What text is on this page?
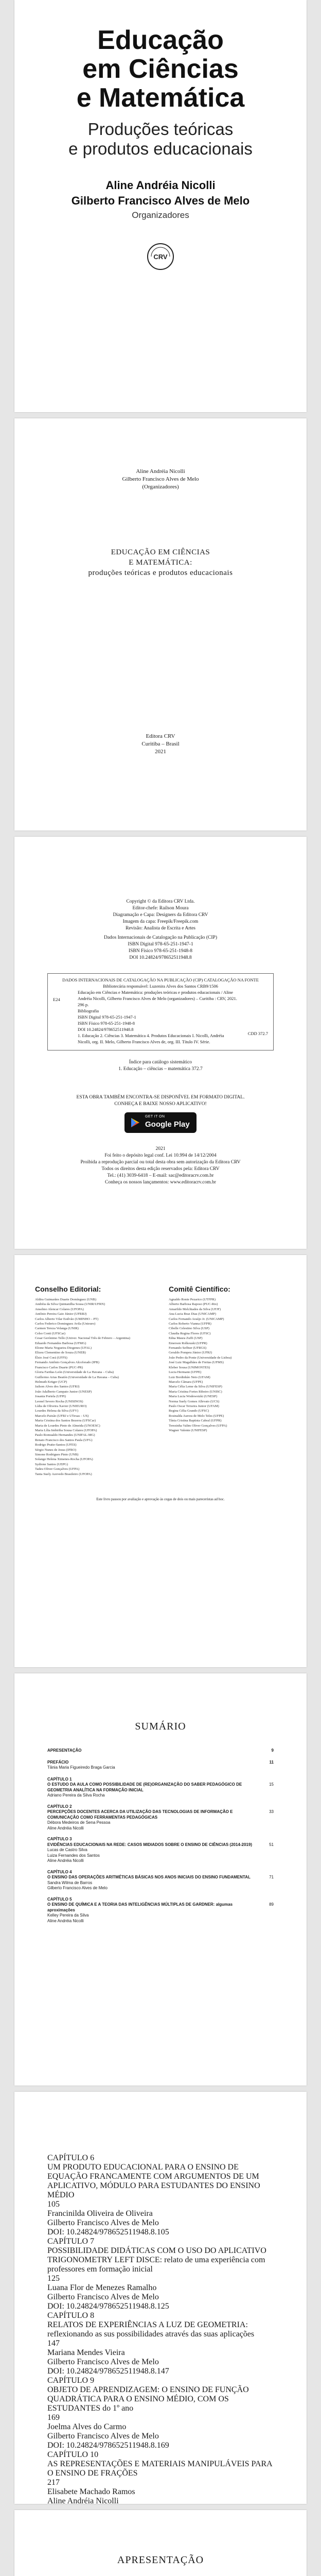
Educação
em Ciências
e Matemática
Produções teóricas
e produtos educacionais
Aline Andréia Nicolli
Gilberto Francisco Alves de Melo
Organizadores
CRV
Aline Andréia Nicolli
Gilberto Francisco Alves de Melo
(Organizadores)
EDUCAÇÃO EM CIÊNCIAS
E MATEMÁTICA:
produções teóricas e produtos educacionais
Editora CRV
Curitiba – Brasil
2021
Copyright © da Editora CRV Ltda.
Editor-chefe: Railson Moura
Diagramação e Capa: Designers da Editora CRV
Imagem da capa: Freepik/Freepik.com
Revisão: Analista de Escrita e Artes
Dados Internacionais de Catalogação na Publicação (CIP)
ISBN Digital 978-65-251-1947-1
ISBN Físico 978-65-251-1948-8
DOI 10.24824/978652511948.8
DADOS INTERNACIONAIS DE CATALOGAÇÃO NA PUBLICAÇÃO (CIP) CATALOGAÇÃO NA FONTE
Bibliotecária responsável: Luzenira Alves dos Santos CRB9/1506
E24
Educação em Ciências e Matemática: produções teóricas e produtos educacionais / Aline
Andréia Nicolli, Gilberto Francisco Alves de Melo (organizadores) – Curitiba : CRV, 2021.
296 p.
Bibliografia
ISBN Digital 978-65-251-1947-1
ISBN Físico 978-65-251-1948-8
DOI 10.24824/978652511948.8
1. Educação 2. Ciências 3. Matemática 4. Produtos Educacionais I. Nicolli, Andréia
Nicolli, org. II. Melo, Gilberto Francisco Alves de, org. III. Título IV. Série.
CDD 372.7
Índice para catálogo sistemático
1. Educação – ciências – matemática 372.7
ESTA OBRA TAMBÉM ENCONTRA-SE DISPONÍVEL EM FORMATO DIGITAL.
CONHEÇA E BAIXE NOSSO APLICATIVO!
GET IT ON
Google Play
2021
Foi feito o depósito legal conf. Lei 10.994 de 14/12/2004
Proibida a reprodução parcial ou total desta obra sem autorização da Editora CRV
Todos os direitos desta edição reservados pela: Editora CRV
Tel.: (41) 3039-6418 – E-mail: sac@editoracrv.com.br
Conheça os nossos lançamentos: www.editoracrv.com.br
Conselho Editorial:
Aldira Guimarães Duarte Domínguez (UNB)
Andréia da Silva Quintanilha Sousa (UNIR/UFRN)
Anselmo Alencar Colares (UFOPA)
Antônio Pereira Gaio Júnior (UFRRJ)
Carlos Alberto Vilar Estêvão (UMINHO – PT)
Carlos Federico Dominguez Avila (Unieuro)
Carmen Tereza Velanga (UNIR)
Celso Conti (UFSCar)
Cesar Gerónimo Tello (Univer. Nacional Três de Febrero – Argentina)
Eduardo Fernandes Barbosa (UFMG)
Elione Maria Nogueira Diogenes (UFAL)
Elizeu Clementino de Souza (UNEB)
Élsio José Corá (UFFS)
Fernando Antônio Gonçalves Alcoforado (IPB)
Francisco Carlos Duarte (PUC-PR)
Gloria Fariñas León (Universidade de La Havana – Cuba)
Guillermo Arias Beatón (Universidade de La Havana – Cuba)
Helmuth Krüger (UCP)
Jailson Alves dos Santos (UFRJ)
João Adalberto Campato Junior (UNESP)
Josania Portela (UFPI)
Leonel Severo Rocha (UNISINOS)
Lídia de Oliveira Xavier (UNIEURO)
Lourdes Helena da Silva (UFV)
Marcelo Paixão (UFRJ e UTexas – US)
Maria Cristina dos Santos Bezerra (UFSCar)
Maria de Lourdes Pinto de Almeida (UNOESC)
Maria Lília Imbiriba Sousa Colares (UFOPA)
Paulo Romualdo Hernandes (UNIFAL-MG)
Renato Francisco dos Santos Paula (UFG)
Rodrigo Pratte-Santos (UFES)
Sérgio Nunes de Jesus (IFRO)
Simone Rodrigues Pinto (UNB)
Solange Helena Ximenes-Rocha (UFOPA)
Sydione Santos (UEPG)
Tadeu Oliver Gonçalves (UFPA)
Tania Suely Azevedo Brasileiro (UFOPA)
Comitê Científico:
Agnaldo Ronie Pezarico (UTFPR)
Alberto Barbosa Raposo (PUC-Rio)
Amarildo Melchiades da Silva (UFJF)
Ana Lucia Braz Dias (UNICAMP)
Carlos Fernando Araújo Jr. (UNICAMP)
Carlos Roberto Vianna (UFPR)
Cibelle Celestino Silva (USP)
Claudia Regina Flores (UFSC)
Edna Maura Zuffi (USP)
Emerson Rolkouski (UFPR)
Fernando Seffner (UFRGS)
Geraldo Pompeu Júnior (UFRJ)
João Pedro da Ponte (Universidade de Lisboa)
José Luiz Magalhães de Freitas (UFMS)
Kleber Sousa (UNIMONTES)
Lucia Hermann (UFPE)
Luiz Bordinhão Neto (UFAM)
Marcelo Câmara (UFPE)
Maria Célia Leme da Silva (UNIFESP)
Maria Cristina Fortes Ribeiro (UNISC)
Maria Lucia Wodewotzki (UNESP)
Norma Suely Gomes Allevato (UCS)
Paulo Oscar Teixeira Junior (UFAM)
Regina Célia Grando (UFSC)
Rosinalda Aurora de Melo Teles (UFPE)
Tânia Cristina Baptista Cabral (UFPR)
Terezinha Valim Oliver Gonçalves (UFPA)
Wagner Valente (UNIFESP)
Este livro passou por avaliação e aprovação às cegas de dois ou mais pareceristas ad hoc.
SUMÁRIO
APRESENTAÇÃO	9
PREFÁCIO	11
Tânia Maria Figueiredo Braga Garcia
CAPÍTULO 1
O ESTUDO DA AULA COMO POSSIBILIDADE DE (RE)ORGANIZAÇÃO DO SABER PEDAGÓGICO DE GEOMETRIA ANALÍTICA NA FORMAÇÃO INICIAL
15
Adriano Pereira da Silva Rocha
CAPÍTULO 2
PERCEPÇÕES DOCENTES ACERCA DA UTILIZAÇÃO DAS TECNOLOGIAS DE INFORMAÇÃO E COMUNICAÇÃO COMO FERRAMENTAS PEDAGÓGICAS
33
Débora Medeiros de Sena Pessoa
Aline Andréia Nicolli
CAPÍTULO 3
EVIDÊNCIAS EDUCACIONAIS NA REDE: CASOS MIDIADOS SOBRE O ENSINO DE CIÊNCIAS (2014-2019)	51
Lucas de Castro Silva
Luiza Fernandes dos Santos
Aline Andréia Nicolli
CAPÍTULO 4
O ENSINO DAS OPERAÇÕES ARITMÉTICAS BÁSICAS NOS ANOS INICIAIS DO ENSINO FUNDAMENTAL	71
Sandra Wilma de Barros
Gilberto Francisco Alves de Melo
CAPÍTULO 5
O ENSINO DE QUÍMICA E A TEORIA DAS INTELIGÊNCIAS MÚLTIPLAS DE GARDNER: algumas aproximações
89
Kelley Pereira da Silva
Aline Andréia Nicolli
CAPÍTULO 6
UM PRODUTO EDUCACIONAL PARA O ENSINO DE EQUAÇÃO FRANCAMENTE COM ARGUMENTOS DE UM APLICATIVO, MÓDULO PARA ESTUDANTES DO ENSINO MÉDIO
105
Francinilda Oliveira de Oliveira
Gilberto Francisco Alves de Melo
DOI: 10.24824/978652511948.8.105
CAPÍTULO 7
POSSIBILIDADE DIDÁTICAS COM O USO DO APLICATIVO TRIGONOMETRY LEFT DISCE: relato de uma experiência com professores em formação inicial
125
Luana Flor de Menezes Ramalho
Gilberto Francisco Alves de Melo
DOI: 10.24824/978652511948.8.125
CAPÍTULO 8
RELATOS DE EXPERIÊNCIAS A LUZ DE GEOMETRIA: reflexionando as sus possibilidades através das suas aplicações
147
Mariana Mendes Vieira
Gilberto Francisco Alves de Melo
DOI: 10.24824/978652511948.8.147
CAPÍTULO 9
OBJETO DE APRENDIZAGEM: O ENSINO DE FUNÇÃO QUADRÁTICA PARA O ENSINO MÉDIO, COM OS ESTUDANTES do 1º ano
169
Joelma Alves do Carmo
Gilberto Francisco Alves de Melo
DOI: 10.24824/978652511948.8.169
CAPÍTULO 10
AS REPRESENTAÇÕES E MATERIAIS MANIPULÁVEIS PARA O ENSINO DE FRAÇÕES
217
Elisabete Machado Ramos
Aline Andréia Nicolli

APRESENTAÇÃO
